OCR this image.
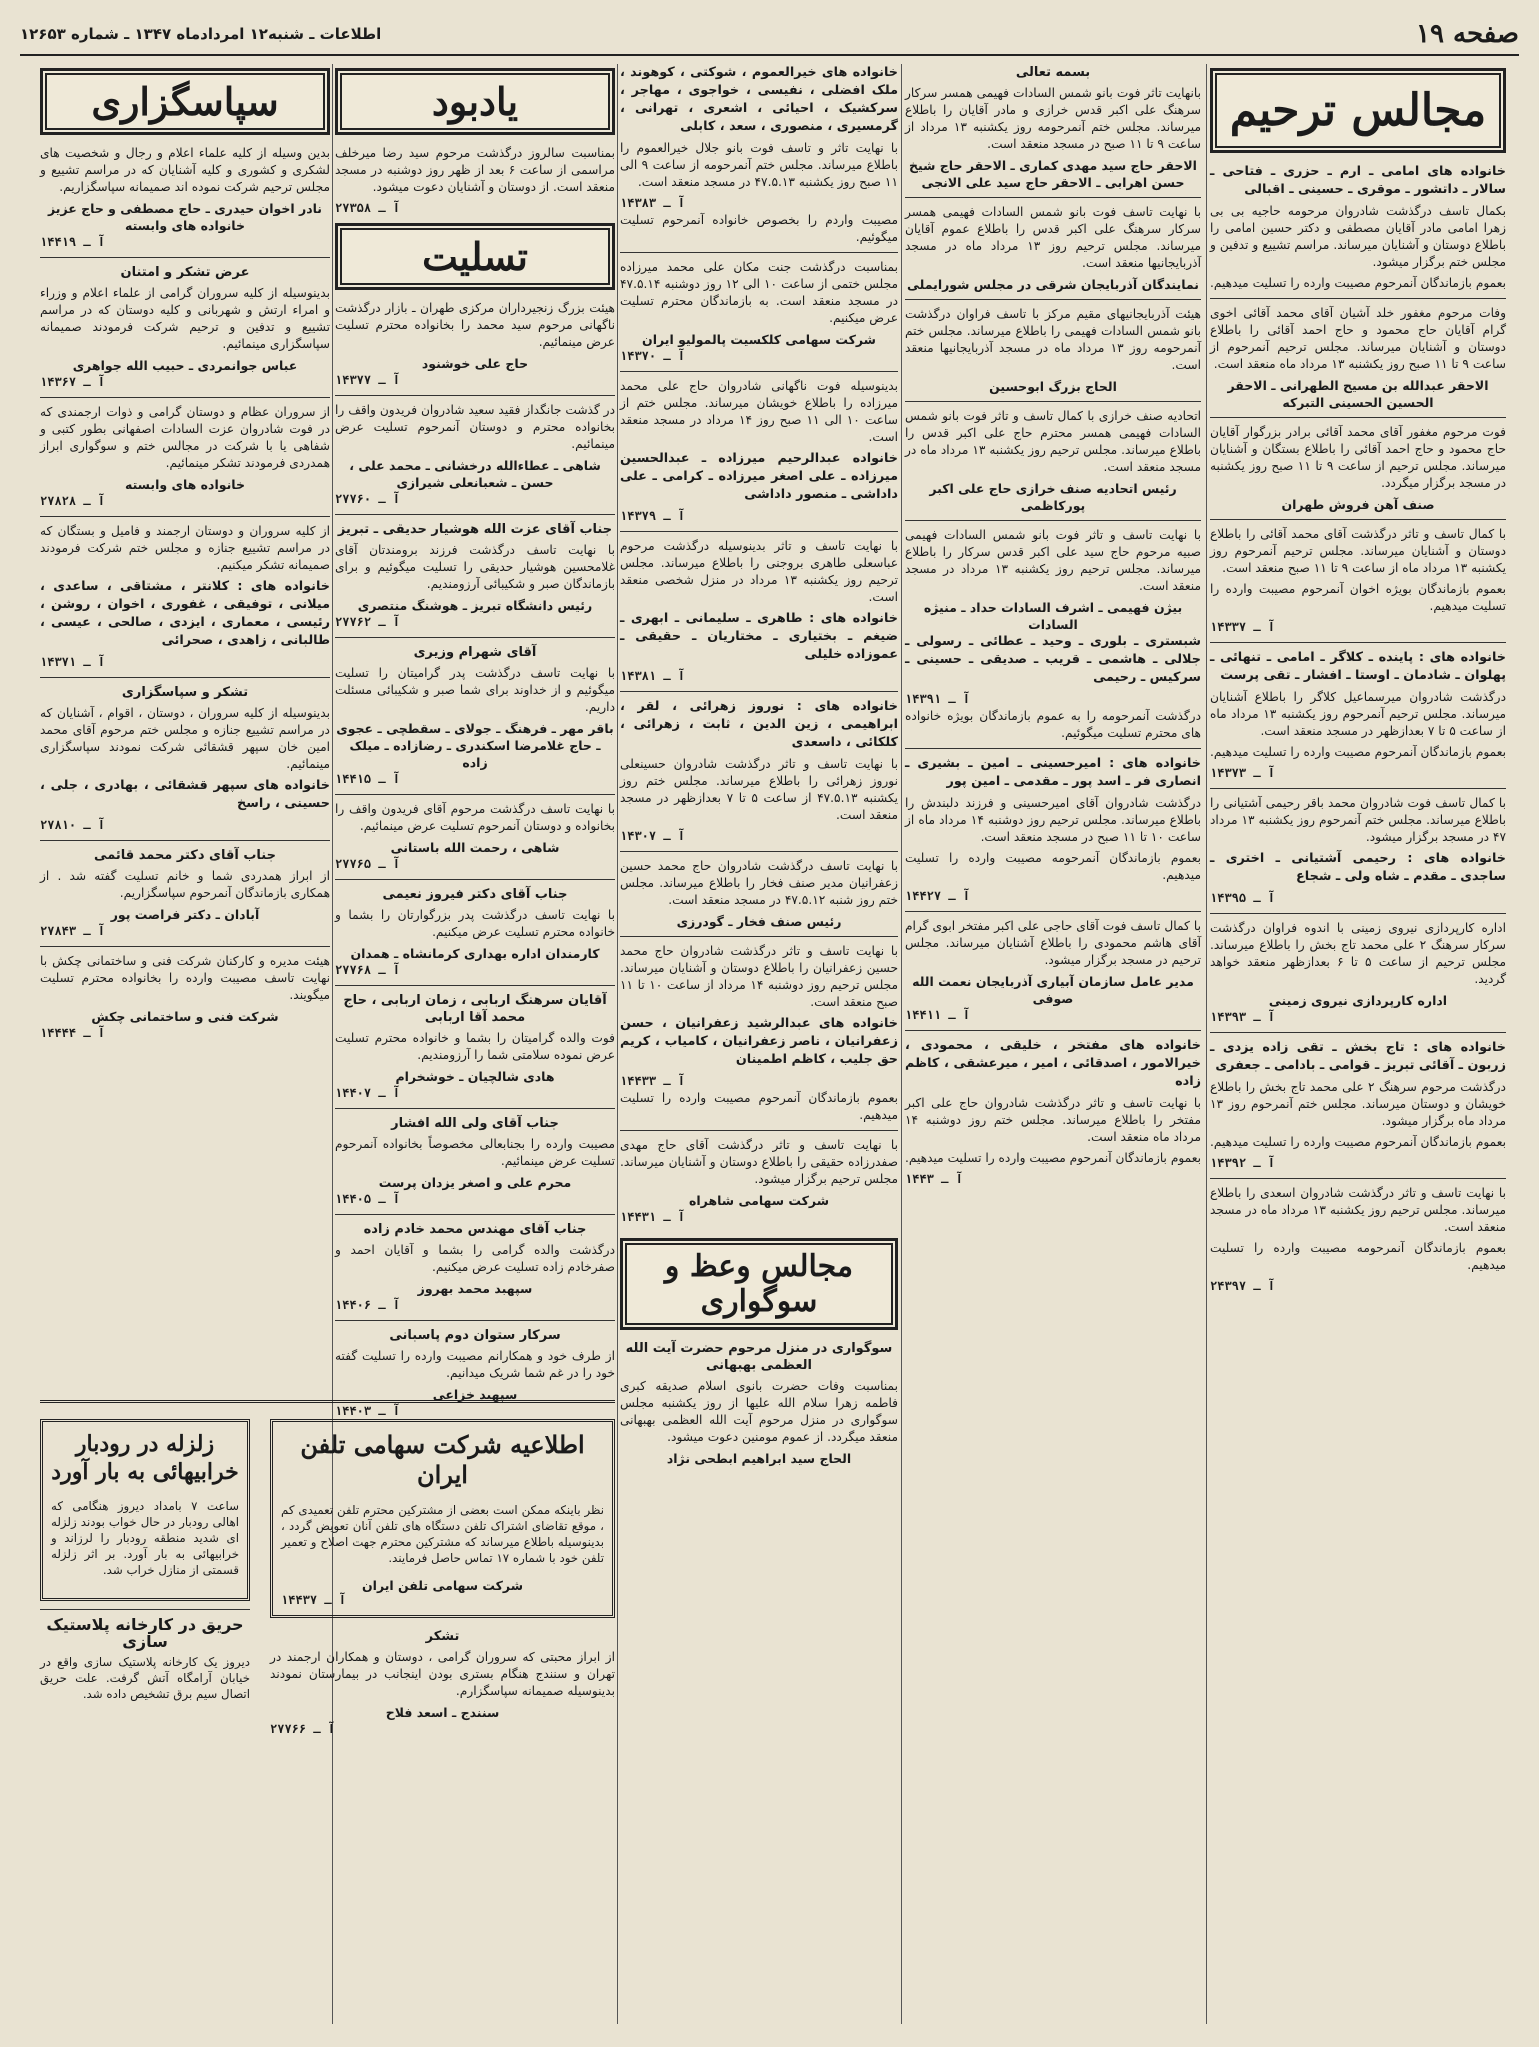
صفحه ۱۹
اطلاعات ـ شنبه۱۲ امردادماه ۱۳۴۷ ـ شماره ۱۲۶۵۳
مجالس ترحیم

خانواده های امامی ـ ارم ـ حزری ـ فتاحی ـ سالار ـ داتشور ـ موقری ـ حسینی ـ اقبالی

بکمال تاسف درگذشت شادروان مرحومه حاجیه بی بی زهرا امامی مادر آقایان مصطفی و دکتر حسین امامی را باطلاع دوستان و آشنایان میرساند. مراسم تشییع و تدفین و مجلس ختم برگزار میشود.

بعموم بازماندگان آنمرحوم مصیبت وارده را تسلیت میدهیم.

وفات مرحوم مغفور خلد آشیان آقای محمد آقائی اخوی گرام آقایان حاج محمود و حاج احمد آقائی را باطلاع دوستان و آشنایان میرساند. مجلس ترحیم آنمرحوم از ساعت ۹ تا ۱۱ صبح روز یکشنبه ۱۳ مرداد ماه منعقد است.

الاحقر عبدالله بن مسیح الطهرانی ـ الاحقر الحسین الحسینی التبرکه

فوت مرحوم مغفور آقای محمد آقائی برادر بزرگوار آقایان حاج محمود و حاج احمد آقائی را باطلاع بستگان و آشنایان میرساند. مجلس ترحیم از ساعت ۹ تا ۱۱ صبح روز یکشنبه در مسجد برگزار میگردد.

صنف آهن فروش طهران

با کمال تاسف و تاثر درگذشت آقای محمد آقائی را باطلاع دوستان و آشنایان میرساند. مجلس ترحیم آنمرحوم روز یکشنبه ۱۳ مرداد ماه از ساعت ۹ تا ۱۱ صبح منعقد است.

بعموم بازماندگان بویژه اخوان آنمرحوم مصیبت وارده را تسلیت میدهیم.

آ ـ ۱۴۳۳۷

خانواده های : پاینده ـ کلاگر ـ امامی ـ تنهائی ـ پهلوان ـ شادمان ـ اوستا ـ افشار ـ تقی پرست

درگذشت شادروان میرسماعیل کلاگر را باطلاع آشنایان میرساند. مجلس ترحیم آنمرحوم روز یکشنبه ۱۳ مرداد ماه از ساعت ۵ تا ۷ بعدازظهر در مسجد منعقد است.

بعموم بازماندگان آنمرحوم مصیبت وارده را تسلیت میدهیم.

آ ـ ۱۴۳۷۳

با کمال تاسف فوت شادروان محمد باقر رحیمی آشتیانی را باطلاع میرساند. مجلس ختم آنمرحوم روز یکشنبه ۱۳ مرداد ۴۷ در مسجد برگزار میشود.

خانواده های : رحیمی آشتیانی ـ اختری ـ ساجدی ـ مقدم ـ شاه ولی ـ شجاع

آ ـ ۱۴۳۹۵

اداره کارپردازی نیروی زمینی با اندوه فراوان درگذشت سرکار سرهنگ ۲ علی محمد تاج بخش را باطلاع میرساند. مجلس ترحیم از ساعت ۵ تا ۶ بعدازظهر منعقد خواهد گردید.

اداره کارپردازی نیروی زمینی
آ ـ ۱۴۳۹۳

خانواده های : تاج بخش ـ تقی زاده یزدی ـ زربون ـ آقائی تبریز ـ قوامی ـ بادامی ـ جعفری

درگذشت مرحوم سرهنگ ۲ علی محمد تاج بخش را باطلاع خویشان و دوستان میرساند. مجلس ختم آنمرحوم روز ۱۳ مرداد ماه برگزار میشود.

بعموم بازماندگان آنمرحوم مصیبت وارده را تسلیت میدهیم.

آ ـ ۱۴۳۹۲

با نهایت تاسف و تاثر درگذشت شادروان اسعدی را باطلاع میرساند. مجلس ترحیم روز یکشنبه ۱۳ مرداد ماه در مسجد منعقد است.

بعموم بازماندگان آنمرحومه مصیبت وارده را تسلیت میدهیم.

آ ـ ۲۴۳۹۷

بسمه تعالی

بانهایت تاثر فوت بانو شمس السادات فهیمی همسر سرکار سرهنگ علی اکبر قدس خرازی و مادر آقایان را باطلاع میرساند. مجلس ختم آنمرحومه روز یکشنبه ۱۳ مرداد از ساعت ۹ تا ۱۱ صبح در مسجد منعقد است.

الاحقر حاج سید مهدی کماری ـ الاحقر حاج شیخ حسن اهرابی ـ الاحقر حاج سید علی الانجی

با نهایت تاسف فوت بانو شمس السادات فهیمی همسر سرکار سرهنگ علی اکبر قدس را باطلاع عموم آقایان میرساند. مجلس ترحیم روز ۱۳ مرداد ماه در مسجد آذربایجانیها منعقد است.

نمایندگان آذربایجان شرقی در مجلس شورایملی

هیئت آذربایجانیهای مقیم مرکز با تاسف فراوان درگذشت بانو شمس السادات فهیمی را باطلاع میرساند. مجلس ختم آنمرحومه روز ۱۳ مرداد ماه در مسجد آذربایجانیها منعقد است.

الحاج بزرگ ابوحسین

اتحادیه صنف خرازی با کمال تاسف و تاثر فوت بانو شمس السادات فهیمی همسر محترم حاج علی اکبر قدس را باطلاع میرساند. مجلس ترحیم روز یکشنبه ۱۳ مرداد ماه در مسجد منعقد است.

رئیس اتحادیه صنف خرازی حاج علی اکبر پورکاظمی

با نهایت تاسف و تاثر فوت بانو شمس السادات فهیمی صبیه مرحوم حاج سید علی اکبر قدس سرکار را باطلاع میرساند. مجلس ترحیم روز یکشنبه ۱۳ مرداد در مسجد منعقد است.

بیژن فهیمی ـ اشرف السادات حداد ـ منیژه السادات

شبستری ـ بلوری ـ وحید ـ عطائی ـ رسولی ـ جلالی ـ هاشمی ـ قریب ـ صدیقی ـ حسینی ـ سرکیس ـ رحیمی

آ ـ ۱۴۳۹۱

درگذشت آنمرحومه را به عموم بازماندگان بویژه خانواده های محترم تسلیت میگوئیم.

خانواده های : امیرحسینی ـ امین ـ بشیری ـ انصاری فر ـ اسد پور ـ مقدمی ـ امین پور

درگذشت شادروان آقای امیرحسینی و فرزند دلبندش را باطلاع میرساند. مجلس ترحیم روز دوشنبه ۱۴ مرداد ماه از ساعت ۱۰ تا ۱۱ صبح در مسجد منعقد است.

بعموم بازماندگان آنمرحومه مصیبت وارده را تسلیت میدهیم.

آ ـ ۱۴۴۲۷

با کمال تاسف فوت آقای حاجی علی اکبر مفتخر ابوی گرام آقای هاشم محمودی را باطلاع آشنایان میرساند. مجلس ترحیم در مسجد برگزار میشود.

مدیر عامل سازمان آبیاری آذربایجان نعمت الله صوفی
آ ـ ۱۴۴۱۱

خانواده های مفتخر ، خلیقی ، محمودی ، خیرالامور ، اصدقائی ، امیر ، میرعشقی ، کاظم زاده

با نهایت تاسف و تاثر درگذشت شادروان حاج علی اکبر مفتخر را باطلاع میرساند. مجلس ختم روز دوشنبه ۱۴ مرداد ماه منعقد است.

بعموم بازماندگان آنمرحوم مصیبت وارده را تسلیت میدهیم.

آ ـ ۱۴۴۳

خانواده های خیرالعموم ، شوکتی ، کوهوند ، ملک افضلی ، نفیسی ، خواجوی ، مهاجر ، سرکشیک ، احیائی ، اشعری ، تهرانی ، گرمسیری ، منصوری ، سعد ، کابلی

با نهایت تاثر و تاسف فوت بانو جلال خیرالعموم را باطلاع میرساند. مجلس ختم آنمرحومه از ساعت ۹ الی ۱۱ صبح روز یکشنبه ۴۷.۵.۱۳ در مسجد منعقد است.

آ ـ ۱۴۳۸۳

مصیبت واردم را بخصوص خانواده آنمرحوم تسلیت میگوئیم.

بمناسبت درگذشت جنت مکان علی محمد میرزاده مجلس ختمی از ساعت ۱۰ الی ۱۲ روز دوشنبه ۴۷.۵.۱۴ در مسجد منعقد است. به بازماندگان محترم تسلیت عرض میکنیم.

شرکت سهامی کلکسیت پالمولیو ایران
آ ـ ۱۴۳۷۰

بدینوسیله فوت ناگهانی شادروان حاج علی محمد میرزاده را باطلاع خویشان میرساند. مجلس ختم از ساعت ۱۰ الی ۱۱ صبح روز ۱۴ مرداد در مسجد منعقد است.

خانواده عبدالرحیم میرزاده ـ عبدالحسین میرزاده ـ علی اصغر میرزاده ـ کرامی ـ علی داداشی ـ منصور داداشی

آ ـ ۱۴۳۷۹

با نهایت تاسف و تاثر بدینوسیله درگذشت مرحوم عباسعلی طاهری بروجنی را باطلاع میرساند. مجلس ترحیم روز یکشنبه ۱۳ مرداد در منزل شخصی منعقد است.

خانواده های : طاهری ـ سلیمانی ـ ابهری ـ ضیغم ـ بختیاری ـ مختاریان ـ حقیقی ـ عموزاده خلیلی

آ ـ ۱۴۳۸۱

خانواده های : نوروز زهرائی ، لقر ، ابراهیمی ، زین الدین ، ثابت ، زهرائی ، کلکائی ، داسعدی

با نهایت تاسف و تاثر درگذشت شادروان حسینعلی نوروز زهرائی را باطلاع میرساند. مجلس ختم روز یکشنبه ۴۷.۵.۱۳ از ساعت ۵ تا ۷ بعدازظهر در مسجد منعقد است.

آ ـ ۱۴۳۰۷

با نهایت تاسف درگذشت شادروان حاج محمد حسین زعفرانیان مدیر صنف فخار را باطلاع میرساند. مجلس ختم روز شنبه ۴۷.۵.۱۲ در مسجد منعقد است.

رئیس صنف فخار ـ گودرزی

با نهایت تاسف و تاثر درگذشت شادروان حاج محمد حسین زعفرانیان را باطلاع دوستان و آشنایان میرساند. مجلس ترحیم روز دوشنبه ۱۴ مرداد از ساعت ۱۰ تا ۱۱ صبح منعقد است.

خانواده های عبدالرشید زعفرانیان ، حسن زعفرانیان ، ناصر زعفرانیان ، کامیاب ، کریم حق جلیب ، کاظم اطمینان

آ ـ ۱۴۴۳۳

بعموم بازماندگان آنمرحوم مصیبت وارده را تسلیت میدهیم.

با نهایت تاسف و تاثر درگذشت آقای حاج مهدی صفدرزاده حقیقی را باطلاع دوستان و آشنایان میرساند. مجلس ترحیم برگزار میشود.

شرکت سهامی شاهراه
آ ـ ۱۴۴۳۱
مجالس وعظ و سوگواری

سوگواری در منزل مرحوم حضرت آیت الله العظمی بهبهانی

بمناسبت وفات حضرت بانوی اسلام صدیقه کبری فاطمه زهرا سلام الله علیها از روز یکشنبه مجلس سوگواری در منزل مرحوم آیت الله العظمی بهبهانی منعقد میگردد. از عموم مومنین دعوت میشود.

الحاج سید ابراهیم ابطحی نژاد
یادبود

بمناسبت سالروز درگذشت مرحوم سید رضا میرخلف مراسمی از ساعت ۶ بعد از ظهر روز دوشنبه در مسجد منعقد است. از دوستان و آشنایان دعوت میشود.

آ ـ ۲۷۳۵۸
تسلیت

هیئت بزرگ زنجیرداران مرکزی طهران ـ بازار درگذشت ناگهانی مرحوم سید محمد را بخانواده محترم تسلیت عرض مینمائیم.

حاج علی خوشنود
آ ـ ۱۴۳۷۷

در گذشت جانگداز فقید سعید شادروان فریدون واقف را بخانواده محترم و دوستان آنمرحوم تسلیت عرض مینمائیم.

شاهی ـ عطاءالله درخشانی ـ محمد علی ، حسن ـ شعبانعلی شیرازی
آ ـ ۲۷۷۶۰

جناب آقای عزت الله هوشیار حدیقی ـ تبریز

با نهایت تاسف درگذشت فرزند برومندتان آقای غلامحسین هوشیار حدیقی را تسلیت میگوئیم و برای بازماندگان صبر و شکیبائی آرزومندیم.

رئیس دانشگاه تبریز ـ هوشنگ منتصری
آ ـ ۲۷۷۶۲

آقای شهرام وزیری

با نهایت تاسف درگذشت پدر گرامیتان را تسلیت میگوئیم و از خداوند برای شما صبر و شکیبائی مسئلت داریم.

باقر مهر ـ فرهنگ ـ جولای ـ سقطچی ـ عجوی ـ حاج غلامرضا اسکندری ـ رضازاده ـ میلک زاده
آ ـ ۱۴۴۱۵

با نهایت تاسف درگذشت مرحوم آقای فریدون واقف را بخانواده و دوستان آنمرحوم تسلیت عرض مینمائیم.

شاهی ، رحمت الله باستانی
آ ـ ۲۷۷۶۵

جناب آقای دکتر فیروز نعیمی

با نهایت تاسف درگذشت پدر بزرگوارتان را بشما و خانواده محترم تسلیت عرض میکنیم.

کارمندان اداره بهداری کرمانشاه ـ همدان
آ ـ ۲۷۷۶۸

آقایان سرهنگ اربابی ، زمان اربابی ، حاج محمد آقا اربابی

فوت والده گرامیتان را بشما و خانواده محترم تسلیت عرض نموده سلامتی شما را آرزومندیم.

هادی شالچیان ـ خوشخرام
آ ـ ۱۴۴۰۷

جناب آقای ولی الله افشار

مصیبت وارده را بجنابعالی مخصوصاً بخانواده آنمرحوم تسلیت عرض مینمائیم.

محرم علی و اصغر یزدان پرست
آ ـ ۱۴۴۰۵

جناب آقای مهندس محمد خادم زاده

درگذشت والده گرامی را بشما و آقایان احمد و صفرخادم زاده تسلیت عرض میکنیم.

سپهبد محمد بهروز
آ ـ ۱۴۴۰۶

سرکار ستوان دوم پاسبانی

از طرف خود و همکارانم مصیبت وارده را تسلیت گفته خود را در غم شما شریک میدانیم.

سپهبد خزاعی
آ ـ ۱۴۴۰۳
سپاسگزاری

بدین وسیله از کلیه علماء اعلام و رجال و شخصیت های لشکری و کشوری و کلیه آشنایان که در مراسم تشییع و مجلس ترحیم شرکت نموده اند صمیمانه سپاسگزاریم.

نادر اخوان حیدری ـ حاج مصطفی و حاج عزیز خانواده های وابسته
آ ـ ۱۴۴۱۹

عرض تشکر و امتنان

بدینوسیله از کلیه سروران گرامی از علماء اعلام و وزراء و امراء ارتش و شهربانی و کلیه دوستان که در مراسم تشییع و تدفین و ترحیم شرکت فرمودند صمیمانه سپاسگزاری مینمائیم.

عباس جوانمردی ـ حبیب الله جواهری
آ ـ ۱۴۳۶۷

از سروران عظام و دوستان گرامی و ذوات ارجمندی که در فوت شادروان عزت السادات اصفهانی بطور کتبی و شفاهی یا با شرکت در مجالس ختم و سوگواری ابراز همدردی فرمودند تشکر مینمائیم.

خانواده های وابسته
آ ـ ۲۷۸۲۸

از کلیه سروران و دوستان ارجمند و فامیل و بستگان که در مراسم تشییع جنازه و مجلس ختم شرکت فرمودند صمیمانه تشکر میکنیم.

خانواده های : کلانتر ، مشتاقی ، ساعدی ، میلانی ، توفیقی ، غفوری ، اخوان ، روشن ، رئیسی ، معماری ، ایزدی ، صالحی ، عیسی ، طالبانی ، زاهدی ، صحرائی

آ ـ ۱۴۳۷۱

تشکر و سپاسگزاری

بدینوسیله از کلیه سروران ، دوستان ، اقوام ، آشنایان که در مراسم تشییع جنازه و مجلس ختم مرحوم آقای محمد امین خان سپهر قشقائی شرکت نمودند سپاسگزاری مینمائیم.

خانواده های سپهر قشقائی ، بهادری ، جلی ، حسینی ، راسخ

آ ـ ۲۷۸۱۰

جناب آقای دکتر محمد قائمی

از ابراز همدردی شما و خانم تسلیت گفته شد . از همکاری بازماندگان آنمرحوم سپاسگزاریم.

آبادان ـ دکتر فراصت پور
آ ـ ۲۷۸۴۳

هیئت مدیره و کارکنان شرکت فنی و ساختمانی چکش با نهایت تاسف مصیبت وارده را بخانواده محترم تسلیت میگویند.

شرکت فنی و ساختمانی چکش
آ ـ ۱۴۴۴۴
اطلاعیه شرکت سهامی تلفن ایران

نظر باینکه ممکن است بعضی از مشترکین محترم تلفن تعمیدی کم ، موقع تقاضای اشتراک تلفن دستگاه های تلفن آنان تعویض گردد ، بدینوسیله باطلاع میرساند که مشترکین محترم جهت اصلاح و تعمیر تلفن خود با شماره ۱۷ تماس حاصل فرمایند.

شرکت سهامی تلفن ایران
آ ـ ۱۴۴۳۷

تشکر

از ابراز محبتی که سروران گرامی ، دوستان و همکاران ارجمند در تهران و سنندج هنگام بستری بودن اینجانب در بیمارستان نمودند بدینوسیله صمیمانه سپاسگزارم.

سنندج ـ اسعد فلاح
آ ـ ۲۷۷۶۶
زلزله در رودبار خرابیهائی به بار آورد

ساعت ۷ بامداد دیروز هنگامی که اهالی رودبار در حال خواب بودند زلزله ای شدید منطقه رودبار را لرزاند و خرابیهائی به بار آورد. بر اثر زلزله قسمتی از منازل خراب شد.

حریق در کارخانه پلاستیک سازی

دیروز یک کارخانه پلاستیک سازی واقع در خیابان آرامگاه آتش گرفت. علت حریق اتصال سیم برق تشخیص داده شد.
